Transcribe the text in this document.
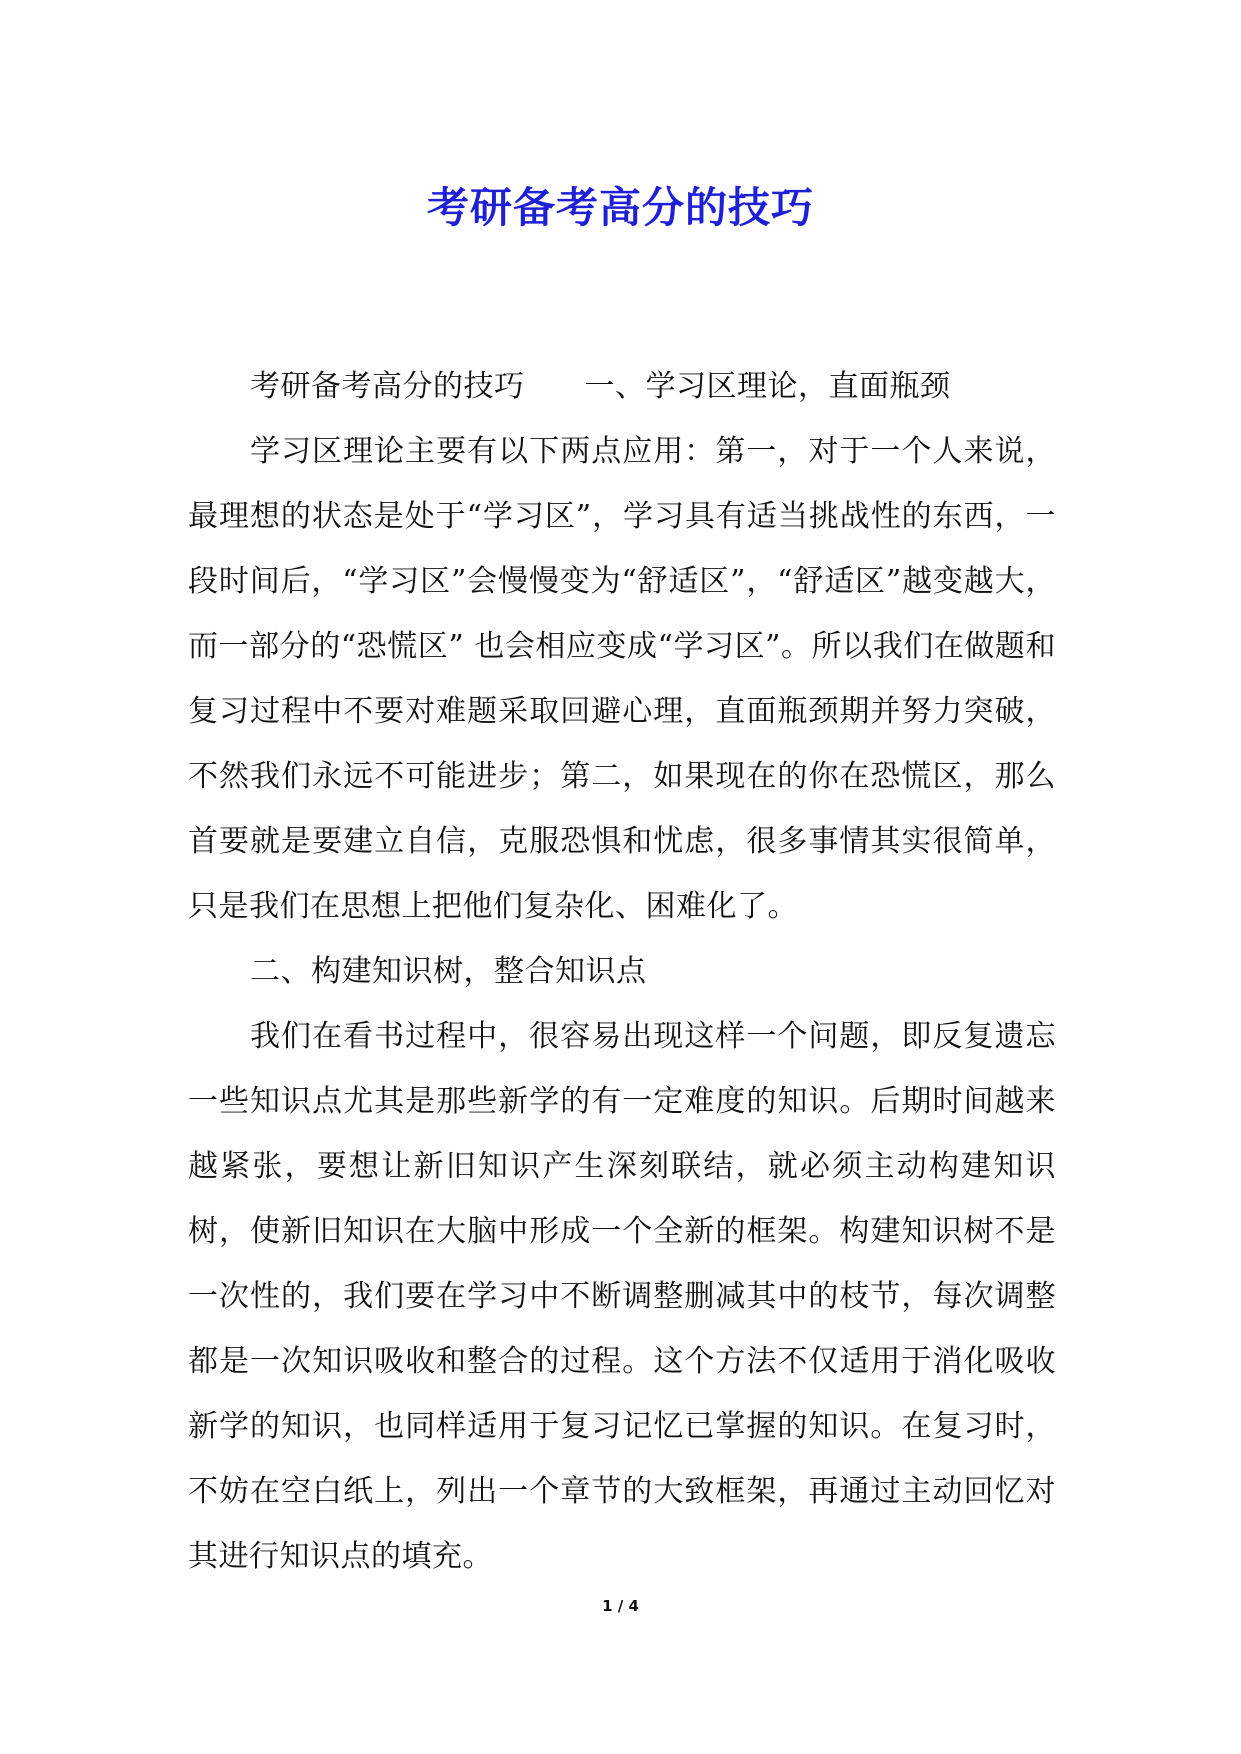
考研备考高分的技巧

考研备考高分的技巧 一、学习区理论，直面瓶颈

学习区理论主要有以下两点应用：第一，对于一个人来说，最理想的状态是处于“学习区”，学习具有适当挑战性的东西，一段时间后，“学习区”会慢慢变为“舒适区”，“舒适区”越变越大， 而一部分的“恐慌区” 也会相应变成“学习区”。所以我们在做题和复习过程中不要对难题采取回避心理，直面瓶颈期并努力突破，不然我们永远不可能进步；第二，如果现在的你在恐慌区，那么首要就是要建立自信，克服恐惧和忧虑，很多事情其实很简单，只是我们在思想上把他们复杂化、困难化了。

二、构建知识树，整合知识点

我们在看书过程中，很容易出现这样一个问题，即反复遗忘一些知识点尤其是那些新学的有一定难度的知识。后期时间越来越紧张，要想让新旧知识产生深刻联结，就必须主动构建知识树，使新旧知识在大脑中形成一个全新的框架。构建知识树不是一次性的，我们要在学习中不断调整删减其中的枝节，每次调整都是一次知识吸收和整合的过程。这个方法不仅适用于消化吸收新学的知识，也同样适用于复习记忆已掌握的知识。在复习时，不妨在空白纸上，列出一个章节的大致框架，再通过主动回忆对其进行知识点的填充。

1 / 4
